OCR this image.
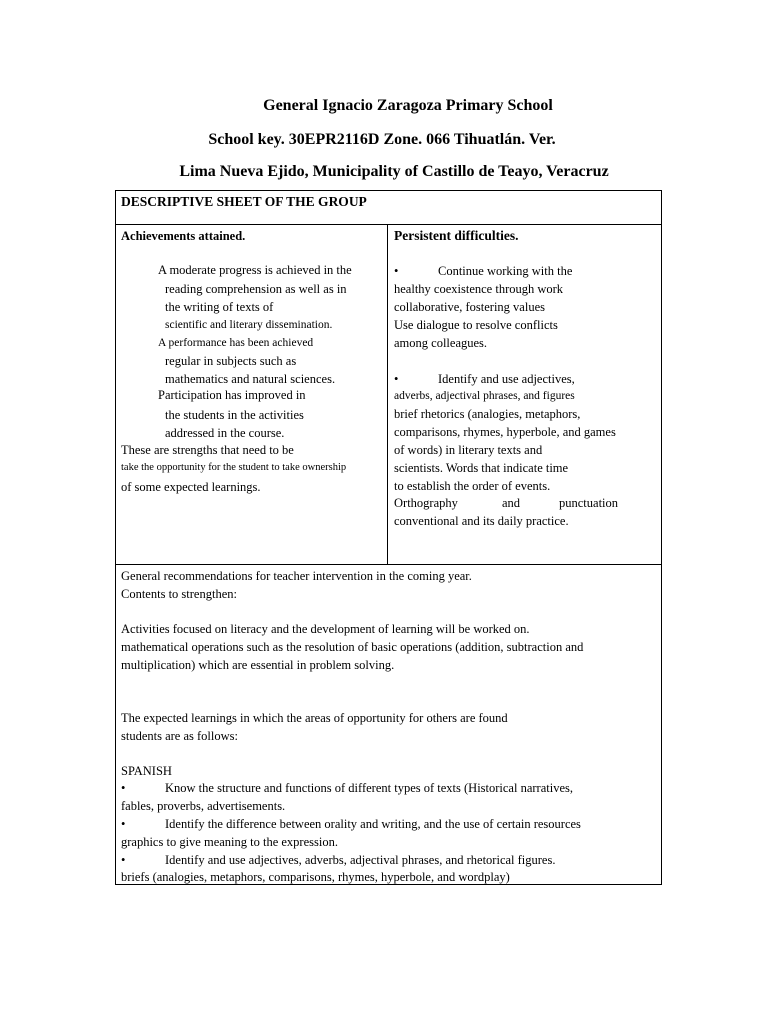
General Ignacio Zaragoza Primary School
School key. 30EPR2116D Zone. 066 Tihuatlán. Ver.
Lima Nueva Ejido, Municipality of Castillo de Teayo, Veracruz
DESCRIPTIVE SHEET OF THE GROUP
Achievements attained.
A moderate progress is achieved in the
reading comprehension as well as in
the writing of texts of
scientific and literary dissemination.
A performance has been achieved
regular in subjects such as
mathematics and natural sciences.
Participation has improved in
the students in the activities
addressed in the course.
These are strengths that need to be
take the opportunity for the student to take ownership
of some expected learnings.
Persistent difficulties.
•	Continue working with the
healthy coexistence through work
collaborative, fostering values
Use dialogue to resolve conflicts
among colleagues.
•	Identify and use adjectives,
adverbs, adjectival phrases, and figures
brief rhetorics (analogies, metaphors,
comparisons, rhymes, hyperbole, and games
of words) in literary texts and
scientists. Words that indicate time
to establish the order of events.
Orthography	and	punctuation
conventional and its daily practice.
General recommendations for teacher intervention in the coming year.
Contents to strengthen:
Activities focused on literacy and the development of learning will be worked on.
mathematical operations such as the resolution of basic operations (addition, subtraction and
multiplication) which are essential in problem solving.
The expected learnings in which the areas of opportunity for others are found
students are as follows:
SPANISH
•	Know the structure and functions of different types of texts (Historical narratives,
fables, proverbs, advertisements.
•	Identify the difference between orality and writing, and the use of certain resources
graphics to give meaning to the expression.
•	Identify and use adjectives, adverbs, adjectival phrases, and rhetorical figures.
briefs (analogies, metaphors, comparisons, rhymes, hyperbole, and wordplay)
